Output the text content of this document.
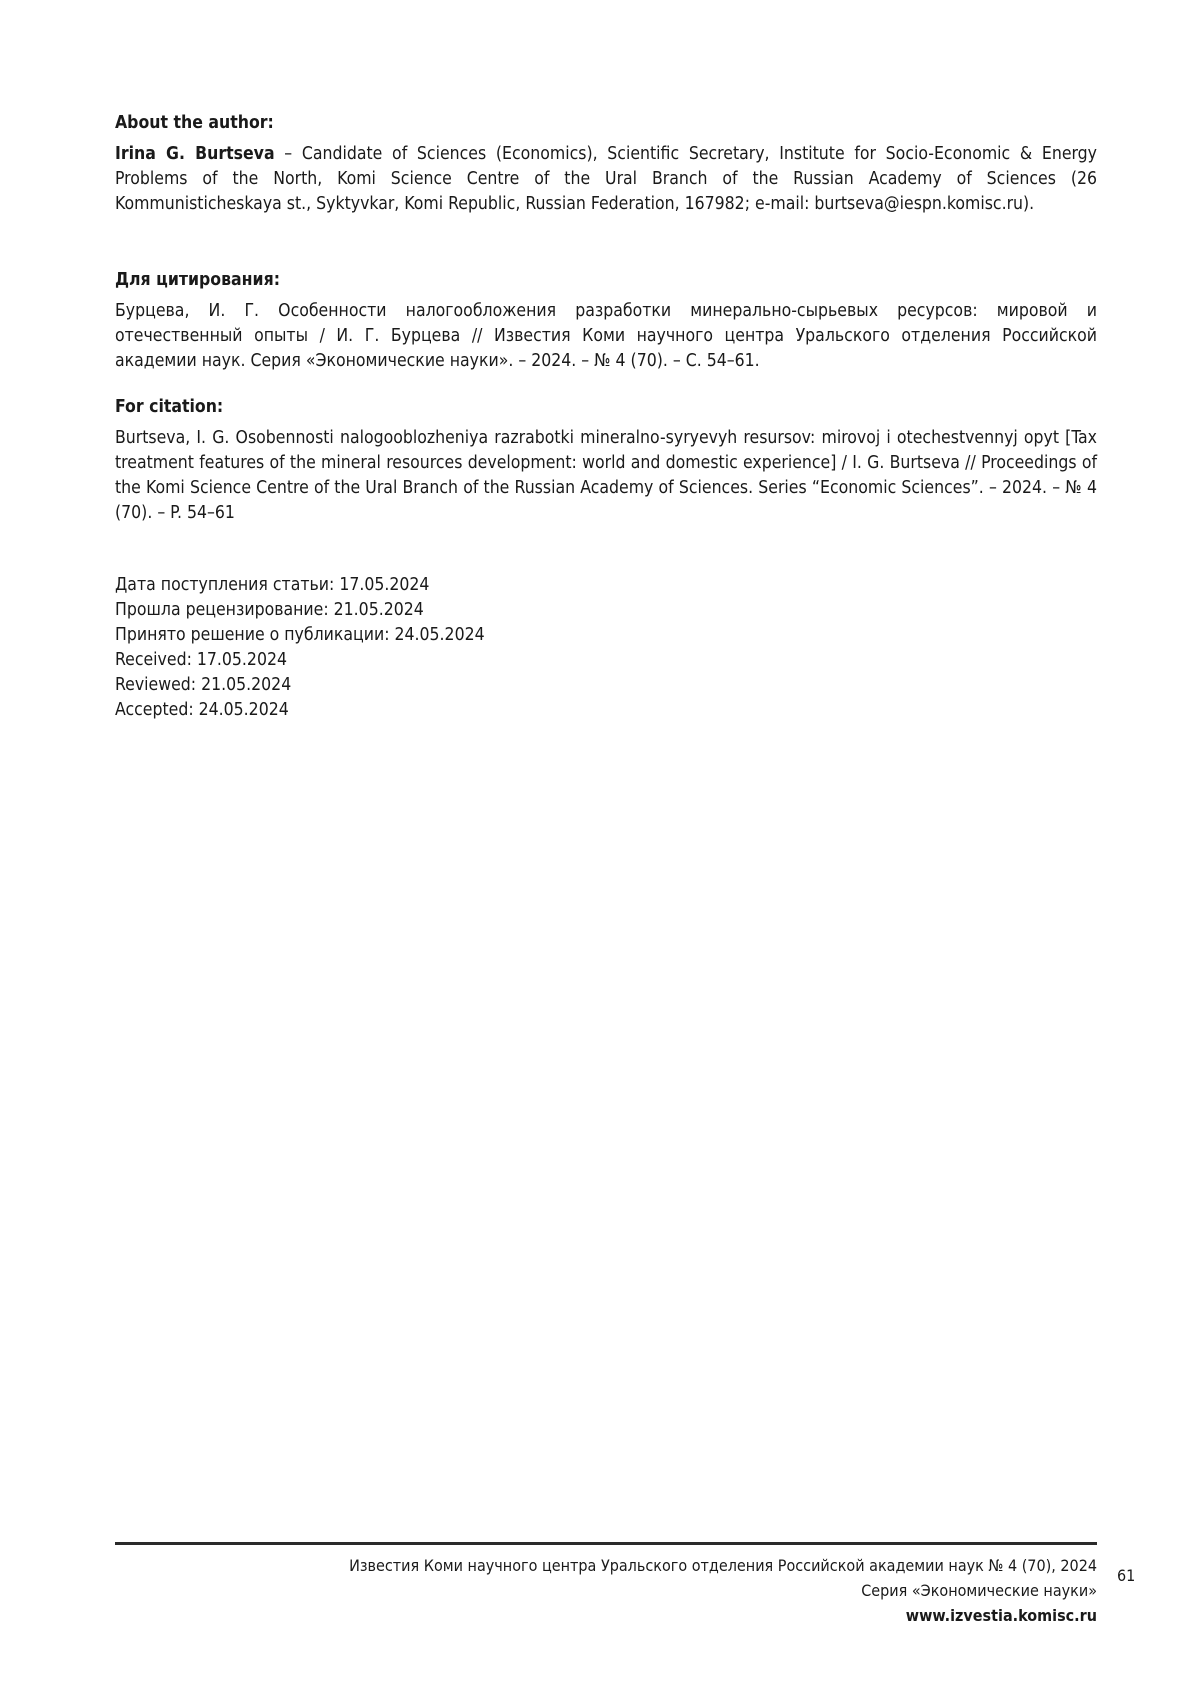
About the author:

Irina G. Burtseva – Candidate of Sciences (Economics), Scientific Secretary, Institute for Socio-Economic & Energy Problems of the North, Komi Science Centre of the Ural Branch of the Russian Academy of Sciences (26 Kommunisticheskaya st., Syktyvkar, Komi Republic, Russian Federation, 167982; e-mail: burtseva@iespn.komisc.ru).

Для цитирования:

Бурцева, И. Г. Особенности налогообложения разработки минерально-сырьевых ресурсов: мировой и отечественный опыты / И. Г. Бурцева // Известия Коми научного центра Уральского отделения Российской академии наук. Серия «Экономические науки». – 2024. – № 4 (70). – С. 54–61.

For citation:

Burtseva, I. G. Osobennosti nalogooblozheniya razrabotki mineralno-syryevyh resursov: mirovoj i otechestvennyj opyt [Tax treatment features of the mineral resources development: world and domestic experience] / I. G. Burtseva // Proceedings of the Komi Science Centre of the Ural Branch of the Russian Academy of Sciences. Series “Economic Sciences”. – 2024. – № 4 (70). – P. 54–61

Дата поступления статьи: 17.05.2024
Прошла рецензирование: 21.05.2024
Принято решение о публикации: 24.05.2024
Received: 17.05.2024
Reviewed: 21.05.2024
Accepted: 24.05.2024
Известия Коми научного центра Уральского отделения Российской академии наук № 4 (70), 2024
Серия «Экономические науки»
www.izvestia.komisc.ru
61
